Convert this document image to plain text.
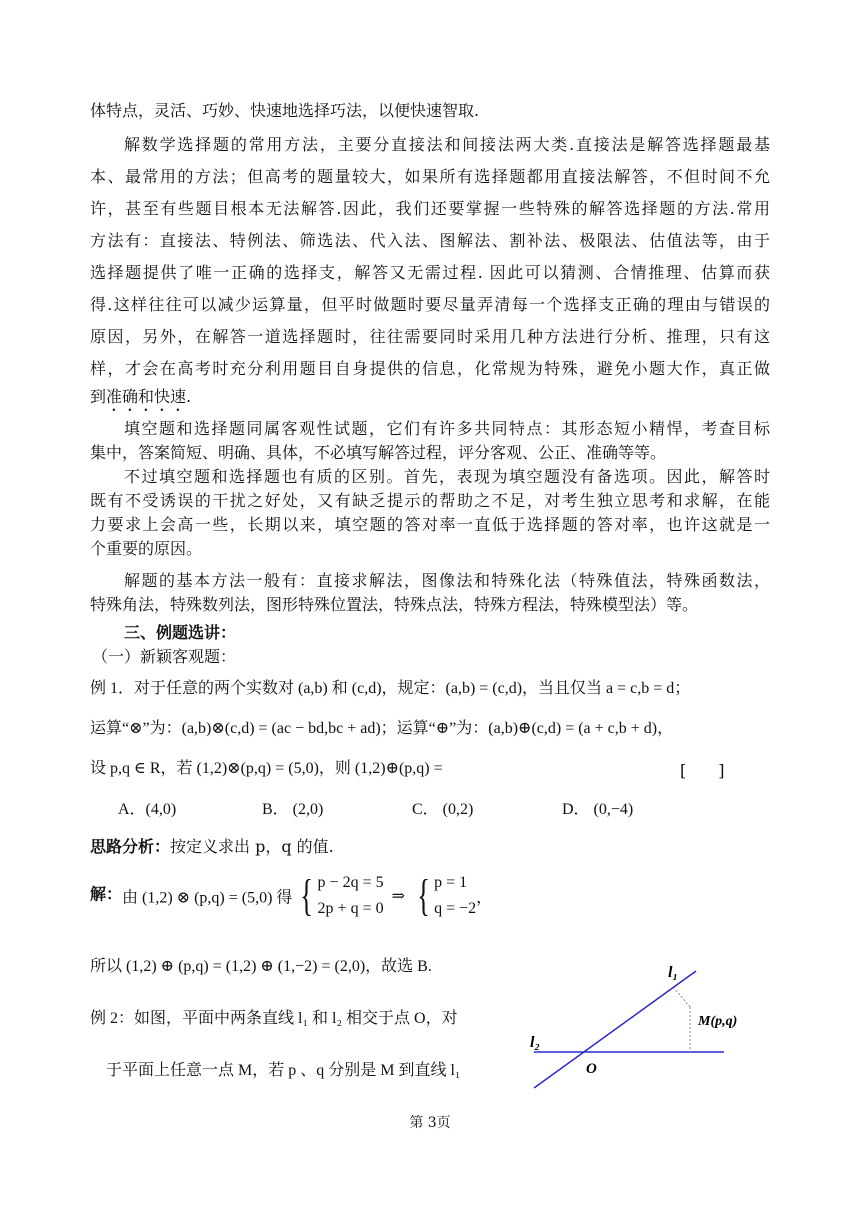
体特点，灵活、巧妙、快速地选择巧法，以便快速智取.
解数学选择题的常用方法，主要分直接法和间接法两大类.直接法是解答选择题最基
本、最常用的方法；但高考的题量较大，如果所有选择题都用直接法解答，不但时间不允
许，甚至有些题目根本无法解答.因此，我们还要掌握一些特殊的解答选择题的方法.常用
方法有：直接法、特例法、筛选法、代入法、图解法、割补法、极限法、估值法等，由于
选择题提供了唯一正确的选择支，解答又无需过程. 因此可以猜测、合情推理、估算而获
得.这样往往可以减少运算量，但平时做题时要尽量弄清每一个选择支正确的理由与错误的
原因，另外，在解答一道选择题时，往往需要同时采用几种方法进行分析、推理，只有这
样，才会在高考时充分利用题目自身提供的信息，化常规为特殊，避免小题大作，真正做
到准确和快速.
填空题和选择题同属客观性试题，它们有许多共同特点：其形态短小精悍，考查目标
集中，答案简短、明确、具体，不必填写解答过程，评分客观、公正、准确等等。
不过填空题和选择题也有质的区别。首先，表现为填空题没有备选项。因此，解答时
既有不受诱误的干扰之好处，又有缺乏提示的帮助之不足，对考生独立思考和求解，在能
力要求上会高一些，长期以来，填空题的答对率一直低于选择题的答对率，也许这就是一
个重要的原因。
解题的基本方法一般有：直接求解法，图像法和特殊化法（特殊值法，特殊函数法，
特殊角法，特殊数列法，图形特殊位置法，特殊点法，特殊方程法，特殊模型法）等。
三、例题选讲：
（一）新颖客观题：
例 1．对于任意的两个实数对 (a,b) 和 (c,d)，规定：(a,b) = (c,d)，当且仅当 a = c,b = d；
运算“⊗”为：(a,b)⊗(c,d) = (ac − bd,bc + ad)；运算“⊕”为：(a,b)⊕(c,d) = (a + c,b + d)，
设 p,q ∈ R，若 (1,2)⊗(p,q) = (5,0)，则 (1,2)⊕(p,q) =	[　　]
A．(4,0)	B． (2,0)	C． (0,2)	D． (0,−4)
思路分析：按定义求出 p，q 的值.
解：由 (1,2) ⊗ (p,q) = (5,0) 得 { p − 2q = 5
2p + q = 0 ⇒ { p = 1
q = −2，
所以 (1,2) ⊕ (p,q) = (1,2) ⊕ (1,−2) = (2,0)，故选 B.
例 2：如图，平面中两条直线 l₁ 和 l₂ 相交于点 O，对
于平面上任意一点 M，若 p 、q 分别是 M 到直线 l₁
l₁
M(p,q)
l₂
O
第 3页
